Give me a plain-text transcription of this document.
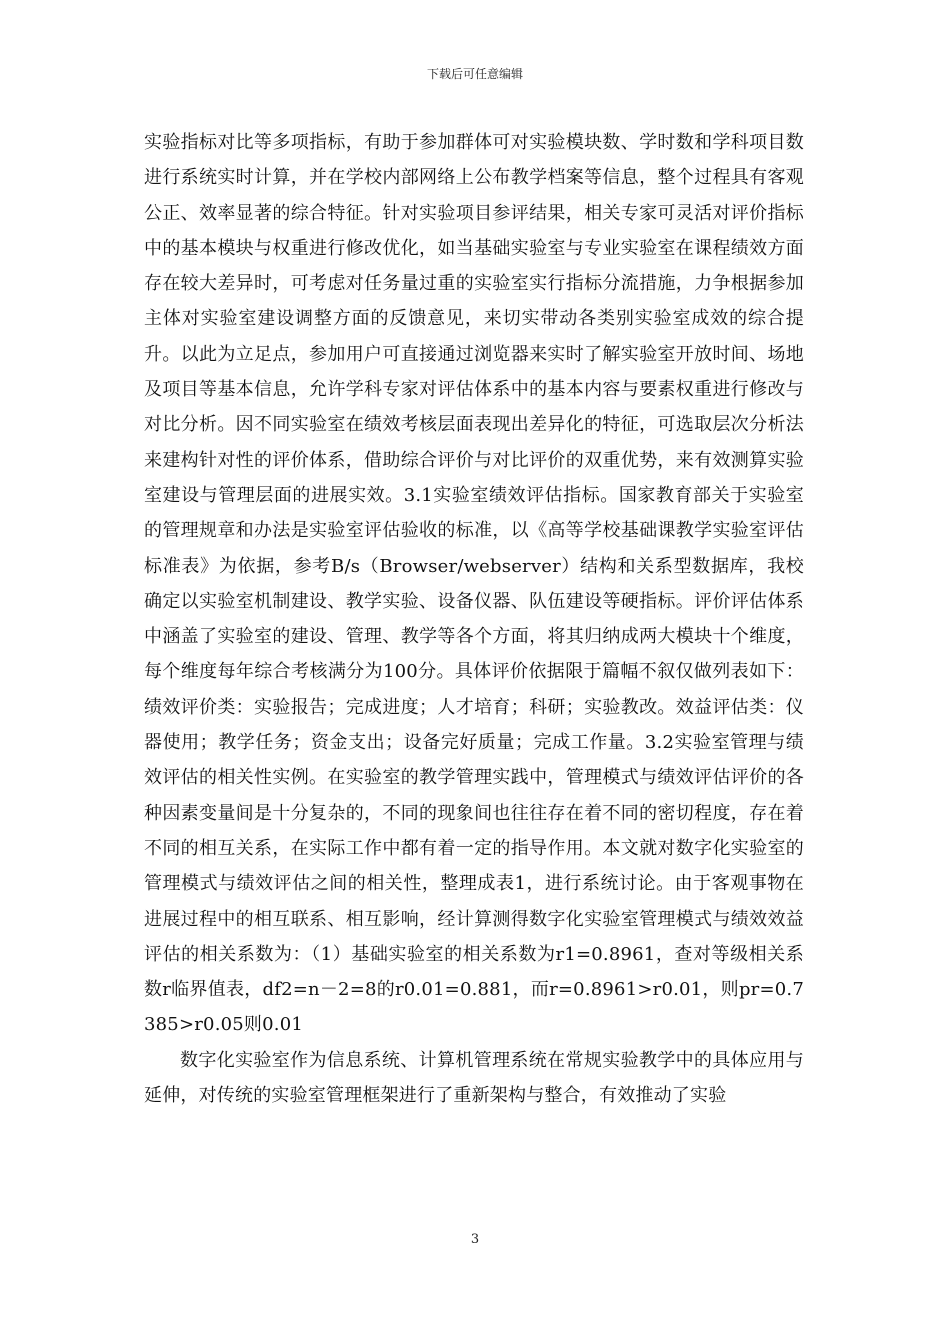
下载后可任意编辑

实验指标对比等多项指标，有助于参加群体可对实验模块数、学时数和学科项目数进行系统实时计算，并在学校内部网络上公布教学档案等信息，整个过程具有客观公正、效率显著的综合特征。针对实验项目参评结果，相关专家可灵活对评价指标中的基本模块与权重进行修改优化，如当基础实验室与专业实验室在课程绩效方面存在较大差异时，可考虑对任务量过重的实验室实行指标分流措施，力争根据参加主体对实验室建设调整方面的反馈意见，来切实带动各类别实验室成效的综合提升。以此为立足点，参加用户可直接通过浏览器来实时了解实验室开放时间、场地及项目等基本信息，允许学科专家对评估体系中的基本内容与要素权重进行修改与对比分析。因不同实验室在绩效考核层面表现出差异化的特征，可选取层次分析法来建构针对性的评价体系，借助综合评价与对比评价的双重优势，来有效测算实验室建设与管理层面的进展实效。3.1实验室绩效评估指标。国家教育部关于实验室的管理规章和办法是实验室评估验收的标准，以《高等学校基础课教学实验室评估标准表》为依据，参考B/s（Browser/webserver）结构和关系型数据库，我校确定以实验室机制建设、教学实验、设备仪器、队伍建设等硬指标。评价评估体系中涵盖了实验室的建设、管理、教学等各个方面，将其归纳成两大模块十个维度，每个维度每年综合考核满分为100分。具体评价依据限于篇幅不叙仅做列表如下：绩效评价类：实验报告；完成进度；人才培育；科研；实验教改。效益评估类：仪器使用；教学任务；资金支出；设备完好质量；完成工作量。3.2实验室管理与绩效评估的相关性实例。在实验室的教学管理实践中，管理模式与绩效评估评价的各种因素变量间是十分复杂的，不同的现象间也往往存在着不同的密切程度，存在着不同的相互关系，在实际工作中都有着一定的指导作用。本文就对数字化实验室的管理模式与绩效评估之间的相关性，整理成表1，进行系统讨论。由于客观事物在进展过程中的相互联系、相互影响，经计算测得数字化实验室管理模式与绩效效益评估的相关系数为：（1）基础实验室的相关系数为r1=0.8961，查对等级相关系数r临界值表，df2=n－2=8的r0.01=0.881，而r=0.8961>r0.01，则pr=0.7385>r0.05则0.01

数字化实验室作为信息系统、计算机管理系统在常规实验教学中的具体应用与延伸，对传统的实验室管理框架进行了重新架构与整合，有效推动了实验

3
